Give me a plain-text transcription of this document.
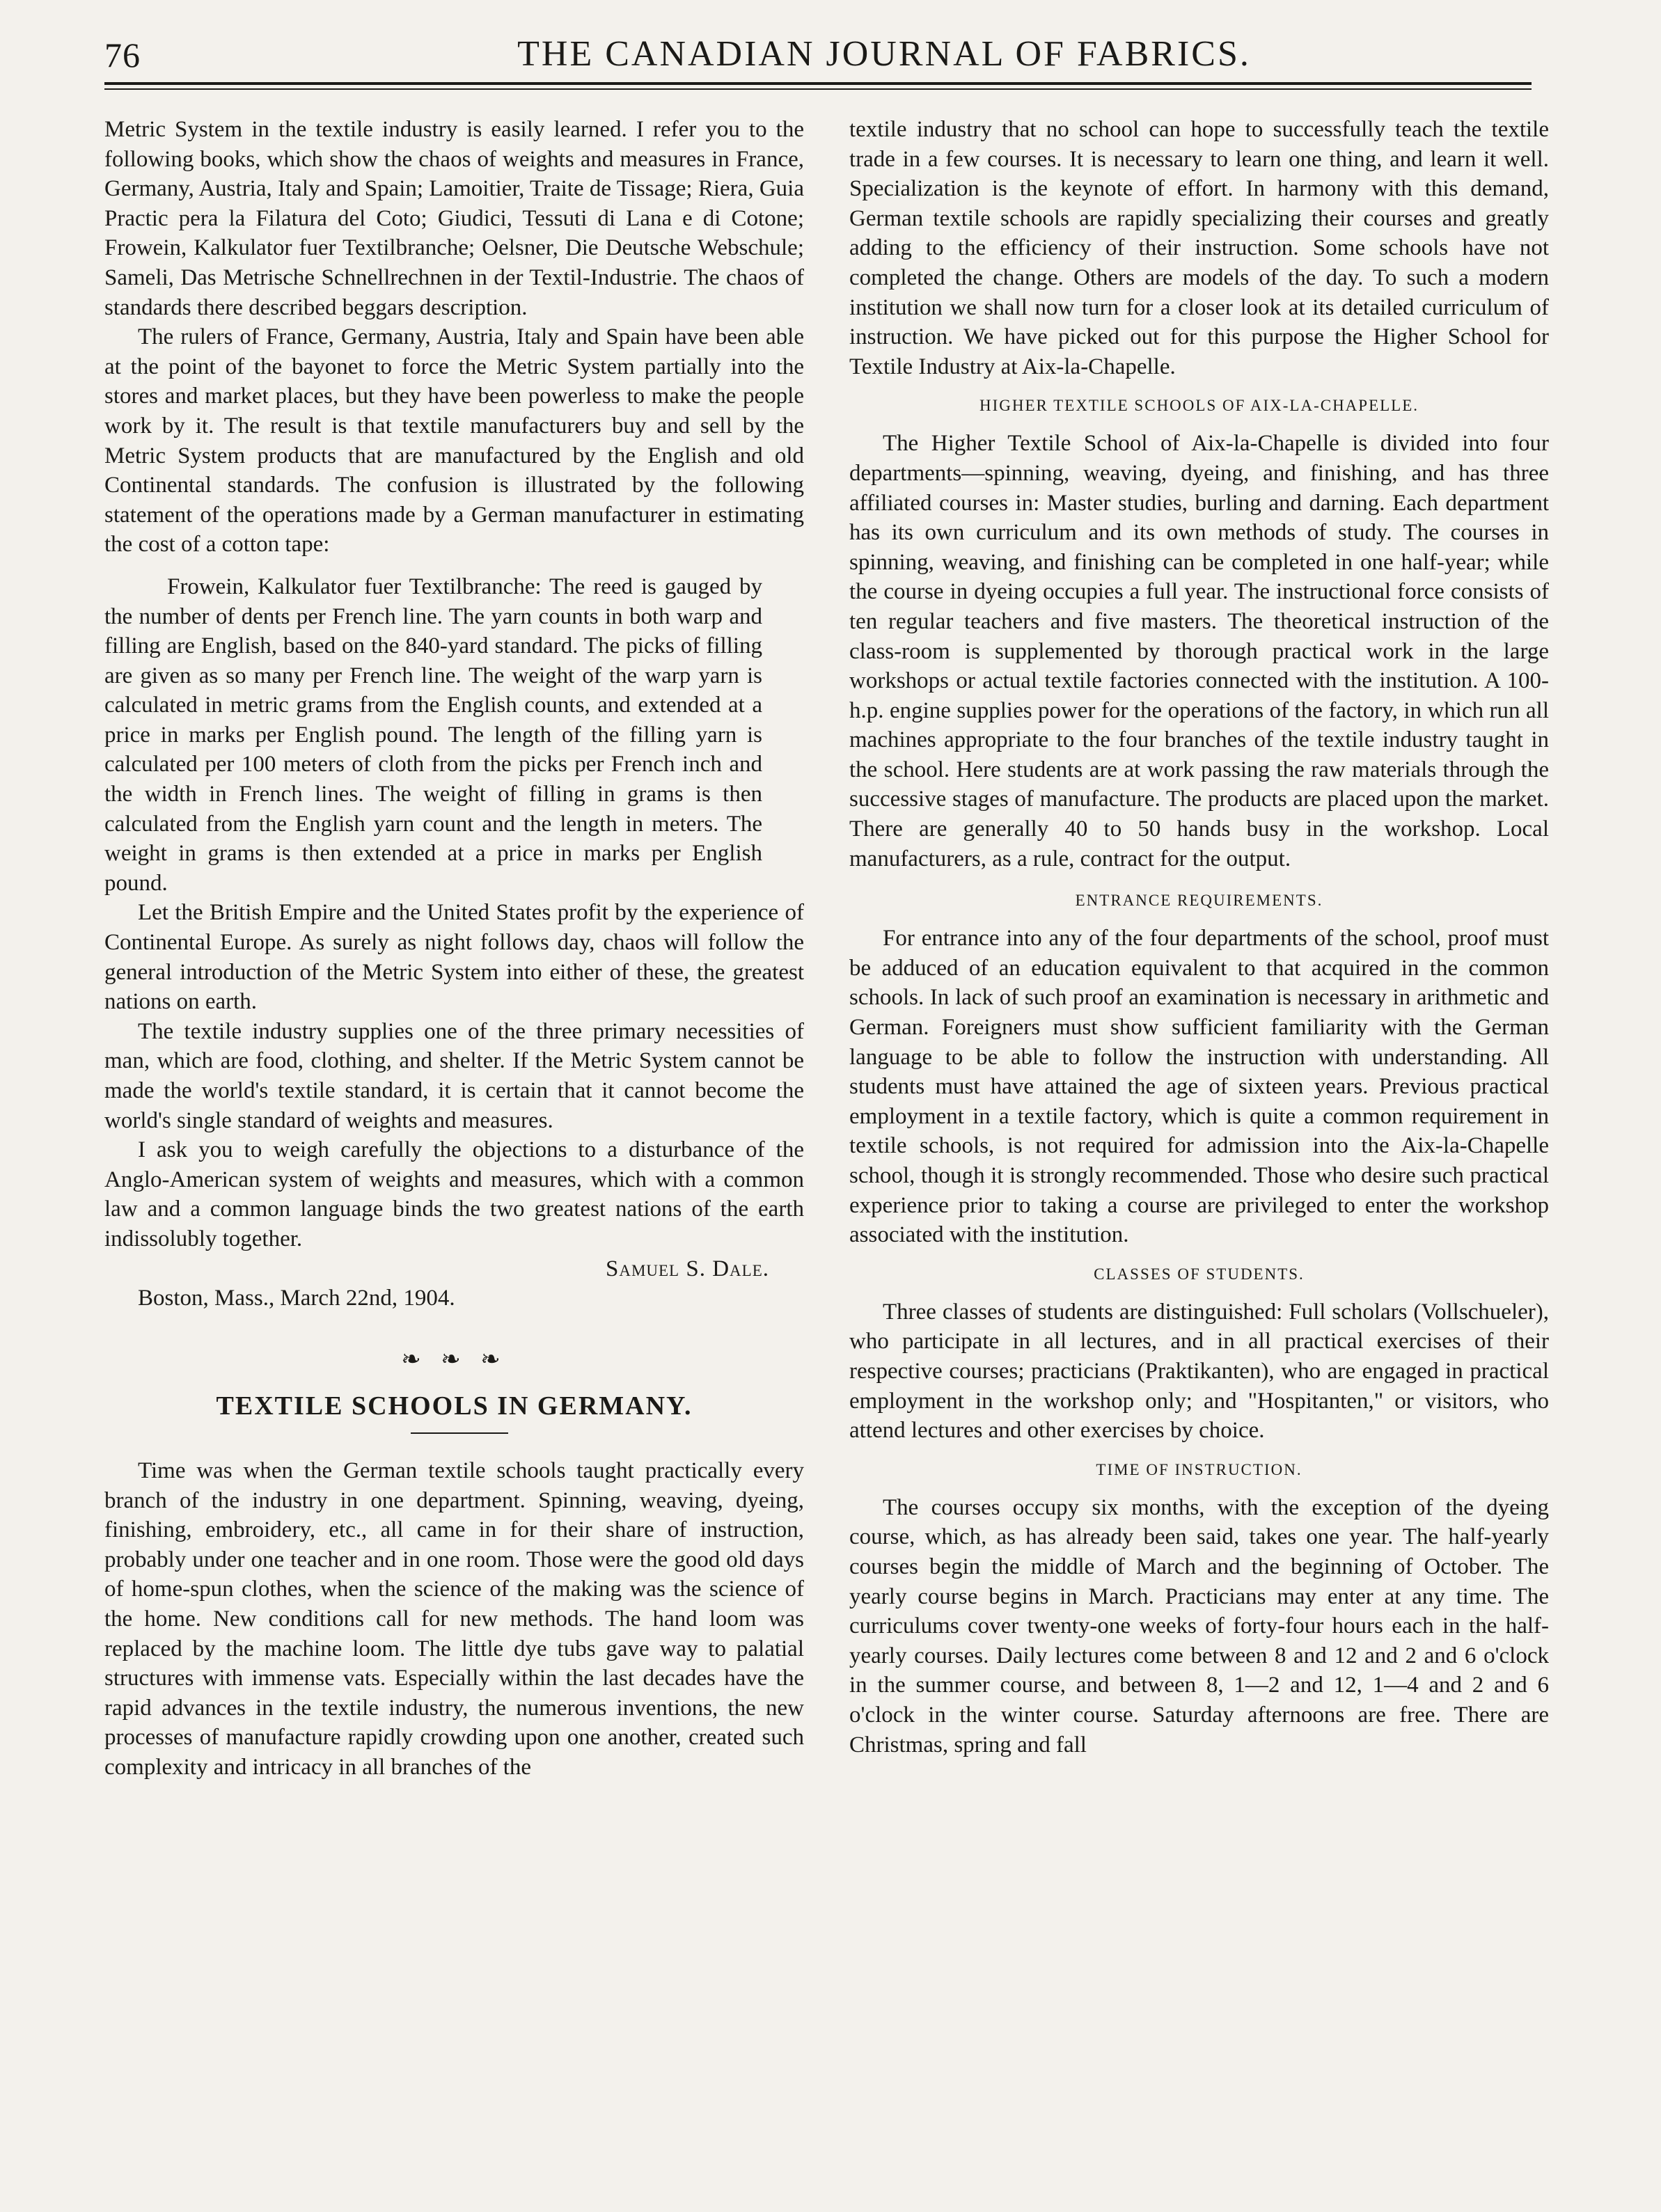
76	THE CANADIAN JOURNAL OF FABRICS.

Metric System in the textile industry is easily learned. I refer you to the following books, which show the chaos of weights and measures in France, Germany, Austria, Italy and Spain; Lamoitier, Traite de Tissage; Riera, Guia Practic pera la Filatura del Coto; Giudici, Tessuti di Lana e di Cotone; Frowein, Kalkulator fuer Textilbranche; Oelsner, Die Deutsche Webschule; Sameli, Das Metrische Schnellrechnen in der Textil-Industrie. The chaos of standards there described beggars description.

The rulers of France, Germany, Austria, Italy and Spain have been able at the point of the bayonet to force the Metric System partially into the stores and market places, but they have been powerless to make the people work by it. The result is that textile manufacturers buy and sell by the Metric System products that are manufactured by the English and old Continental standards. The confusion is illustrated by the following statement of the operations made by a German manufacturer in estimating the cost of a cotton tape:

Frowein, Kalkulator fuer Textilbranche: The reed is gauged by the number of dents per French line. The yarn counts in both warp and filling are English, based on the 840-yard standard. The picks of filling are given as so many per French line. The weight of the warp yarn is calculated in metric grams from the English counts, and extended at a price in marks per English pound. The length of the filling yarn is calculated per 100 meters of cloth from the picks per French inch and the width in French lines. The weight of filling in grams is then calculated from the English yarn count and the length in meters. The weight in grams is then extended at a price in marks per English pound.

Let the British Empire and the United States profit by the experience of Continental Europe. As surely as night follows day, chaos will follow the general introduction of the Metric System into either of these, the greatest nations on earth.

The textile industry supplies one of the three primary necessities of man, which are food, clothing, and shelter. If the Metric System cannot be made the world's textile standard, it is certain that it cannot become the world's single standard of weights and measures.

I ask you to weigh carefully the objections to a disturbance of the Anglo-American system of weights and measures, which with a common law and a common language binds the two greatest nations of the earth indissolubly together.

Samuel S. Dale.
Boston, Mass., March 22nd, 1904.
❧ ❧ ❧
TEXTILE SCHOOLS IN GERMANY.

Time was when the German textile schools taught practically every branch of the industry in one department. Spinning, weaving, dyeing, finishing, embroidery, etc., all came in for their share of instruction, probably under one teacher and in one room. Those were the good old days of home-spun clothes, when the science of the making was the science of the home. New conditions call for new methods. The hand loom was replaced by the machine loom. The little dye tubs gave way to palatial structures with immense vats. Especially within the last decades have the rapid advances in the textile industry, the numerous inventions, the new processes of manufacture rapidly crowding upon one another, created such complexity and intricacy in all branches of the

textile industry that no school can hope to successfully teach the textile trade in a few courses. It is necessary to learn one thing, and learn it well. Specialization is the keynote of effort. In harmony with this demand, German textile schools are rapidly specializing their courses and greatly adding to the efficiency of their instruction. Some schools have not completed the change. Others are models of the day. To such a modern institution we shall now turn for a closer look at its detailed curriculum of instruction. We have picked out for this purpose the Higher School for Textile Industry at Aix-la-Chapelle.

HIGHER TEXTILE SCHOOLS OF AIX-LA-CHAPELLE.

The Higher Textile School of Aix-la-Chapelle is divided into four departments—spinning, weaving, dyeing, and finishing, and has three affiliated courses in: Master studies, burling and darning. Each department has its own curriculum and its own methods of study. The courses in spinning, weaving, and finishing can be completed in one half-year; while the course in dyeing occupies a full year. The instructional force consists of ten regular teachers and five masters. The theoretical instruction of the class-room is supplemented by thorough practical work in the large workshops or actual textile factories connected with the institution. A 100-h.p. engine supplies power for the operations of the factory, in which run all machines appropriate to the four branches of the textile industry taught in the school. Here students are at work passing the raw materials through the successive stages of manufacture. The products are placed upon the market. There are generally 40 to 50 hands busy in the workshop. Local manufacturers, as a rule, contract for the output.

ENTRANCE REQUIREMENTS.

For entrance into any of the four departments of the school, proof must be adduced of an education equivalent to that acquired in the common schools. In lack of such proof an examination is necessary in arithmetic and German. Foreigners must show sufficient familiarity with the German language to be able to follow the instruction with understanding. All students must have attained the age of sixteen years. Previous practical employment in a textile factory, which is quite a common requirement in textile schools, is not required for admission into the Aix-la-Chapelle school, though it is strongly recommended. Those who desire such practical experience prior to taking a course are privileged to enter the workshop associated with the institution.

CLASSES OF STUDENTS.

Three classes of students are distinguished: Full scholars (Vollschueler), who participate in all lectures, and in all practical exercises of their respective courses; practicians (Praktikanten), who are engaged in practical employment in the workshop only; and "Hospitanten," or visitors, who attend lectures and other exercises by choice.

TIME OF INSTRUCTION.

The courses occupy six months, with the exception of the dyeing course, which, as has already been said, takes one year. The half-yearly courses begin the middle of March and the beginning of October. The yearly course begins in March. Practicians may enter at any time. The curriculums cover twenty-one weeks of forty-four hours each in the half-yearly courses. Daily lectures come between 8 and 12 and 2 and 6 o'clock in the summer course, and between 8, 1—2 and 12, 1—4 and 2 and 6 o'clock in the winter course. Saturday afternoons are free. There are Christmas, spring and fall
